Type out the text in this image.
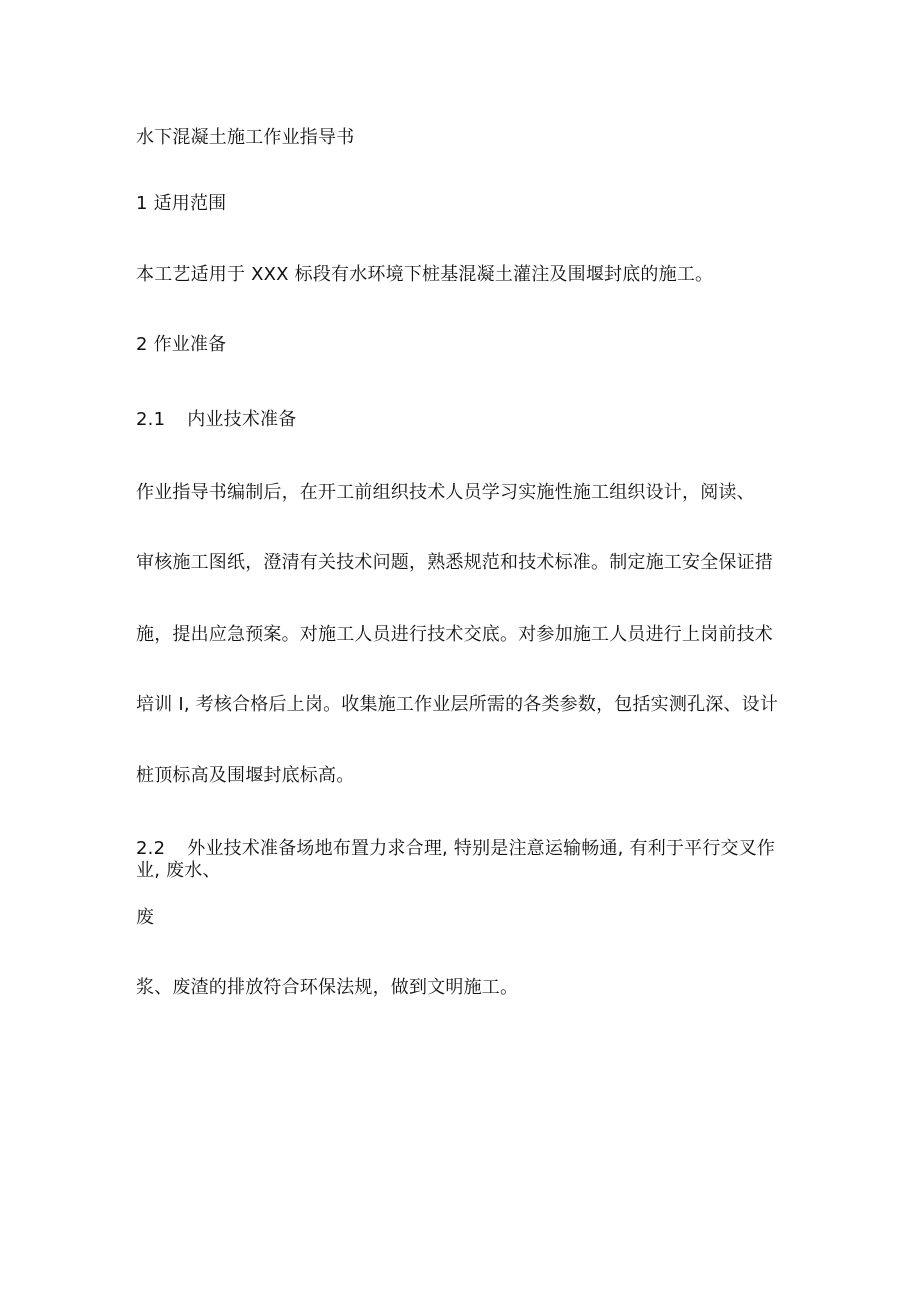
水下混凝土施工作业指导书
1 适用范围
本工艺适用于 XXX 标段有水环境下桩基混凝土灌注及围堰封底的施工。
2 作业准备
2.1 内业技术准备
作业指导书编制后，在开工前组织技术人员学习实施性施工组织设计，阅读、
审核施工图纸，澄清有关技术问题，熟悉规范和技术标准。制定施工安全保证措
施，提出应急预案。对施工人员进行技术交底。对参加施工人员进行上岗前技术
培训 I, 考核合格后上岗。收集施工作业层所需的各类参数，包括实测孔深、设计
桩顶标高及围堰封底标高。
2.2 外业技术准备场地布置力求合理, 特别是注意运输畅通, 有利于平行交叉作业, 废水、
废
浆、废渣的排放符合环保法规，做到文明施工。
